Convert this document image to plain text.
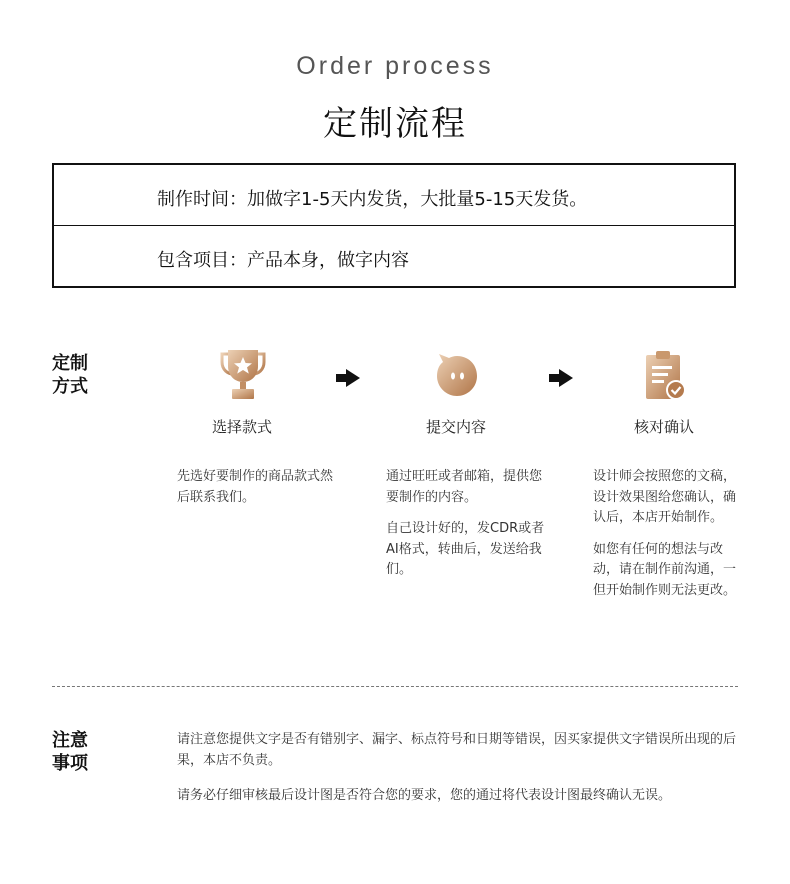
Order process
定制流程
制作时间：加做字1-5天内发货，大批量5-15天发货。
包含项目：产品本身，做字内容
定制
方式
选择款式	提交内容	核对确认

先选好要制作的商品款式然后联系我们。

通过旺旺或者邮箱，提供您要制作的内容。

自己设计好的，发CDR或者AI格式，转曲后，发送给我们。

设计师会按照您的文稿，设计效果图给您确认，确认后，本店开始制作。

如您有任何的想法与改动，请在制作前沟通，一但开始制作则无法更改。

注意
事项
请注意您提供文字是否有错别字、漏字、标点符号和日期等错误，因买家提供文字错误所出现的后果，本店不负责。
请务必仔细审核最后设计图是否符合您的要求，您的通过将代表设计图最终确认无误。
